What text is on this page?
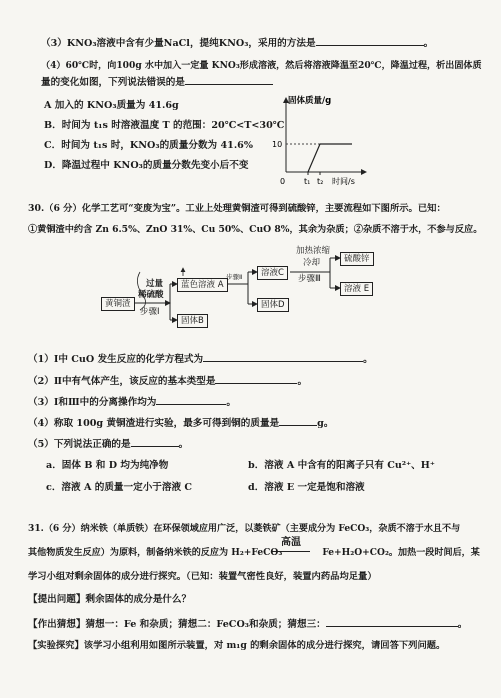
（3）KNO₃溶液中含有少量NaCl，提纯KNO₃，采用的方法是	。
（4）60℃时，向100g 水中加入一定量 KNO₃形成溶液，然后将溶液降温至20℃，降温过程，析出固体质
量的变化如图，下列说法错误的是
A 加入的 KNO₃质量为 41.6g
B．时间为 t₁s 时溶液温度 T 的范围：20℃<T<30℃
C．时间为 t₁s 时，KNO₃的质量分数为 41.6%
D．降温过程中 KNO₃的质量分数先变小后不变
固体质量/g
10
0 t₁ t₂ 时间/s
30.（6 分）化学工艺可“变废为宝”。工业上处理黄铜渣可得到硫酸锌，主要流程如下图所示。已知：
①黄铜渣中约含 Zn 6.5%、ZnO 31%、Cu 50%、CuO 8%，其余为杂质；②杂质不溶于水，不参与反应。
黄铜渣
过量
稀硫酸
步骤Ⅰ
蓝色溶液 A
固体B
溶液C
固体D
步骤Ⅱ
加热浓缩
冷却
步骤Ⅲ
硫酸锌
溶液 E
（1）Ⅰ中 CuO 发生反应的化学方程式为	。
（2）Ⅱ中有气体产生，该反应的基本类型是	。
（3）Ⅰ和Ⅲ中的分离操作均为	。
（4）称取 100g 黄铜渣进行实验，最多可得到铜的质量是	g。
（5）下列说法正确的是	。
a．固体 B 和 D 均为纯净物	b．溶液 A 中含有的阳离子只有 Cu²⁺、H⁺
c．溶液 A 的质量一定小于溶液 C	d．溶液 E 一定是饱和溶液
31.（6 分）纳米铁（单质铁）在环保领域应用广泛，以菱铁矿（主要成分为 FeCO₃，杂质不溶于水且不与
高温
其他物质发生反应）为原料，制备纳米铁的反应为 H₂+FeCO₃	Fe+H₂O+CO₂。加热一段时间后，某
学习小组对剩余固体的成分进行探究。（已知：装置气密性良好，装置内药品均足量）
【提出问题】剩余固体的成分是什么？
【作出猜想】猜想一：Fe 和杂质；猜想二：FeCO₃和杂质；猜想三：	。
【实验探究】该学习小组利用如图所示装置，对 m₁g 的剩余固体的成分进行探究，请回答下列问题。
